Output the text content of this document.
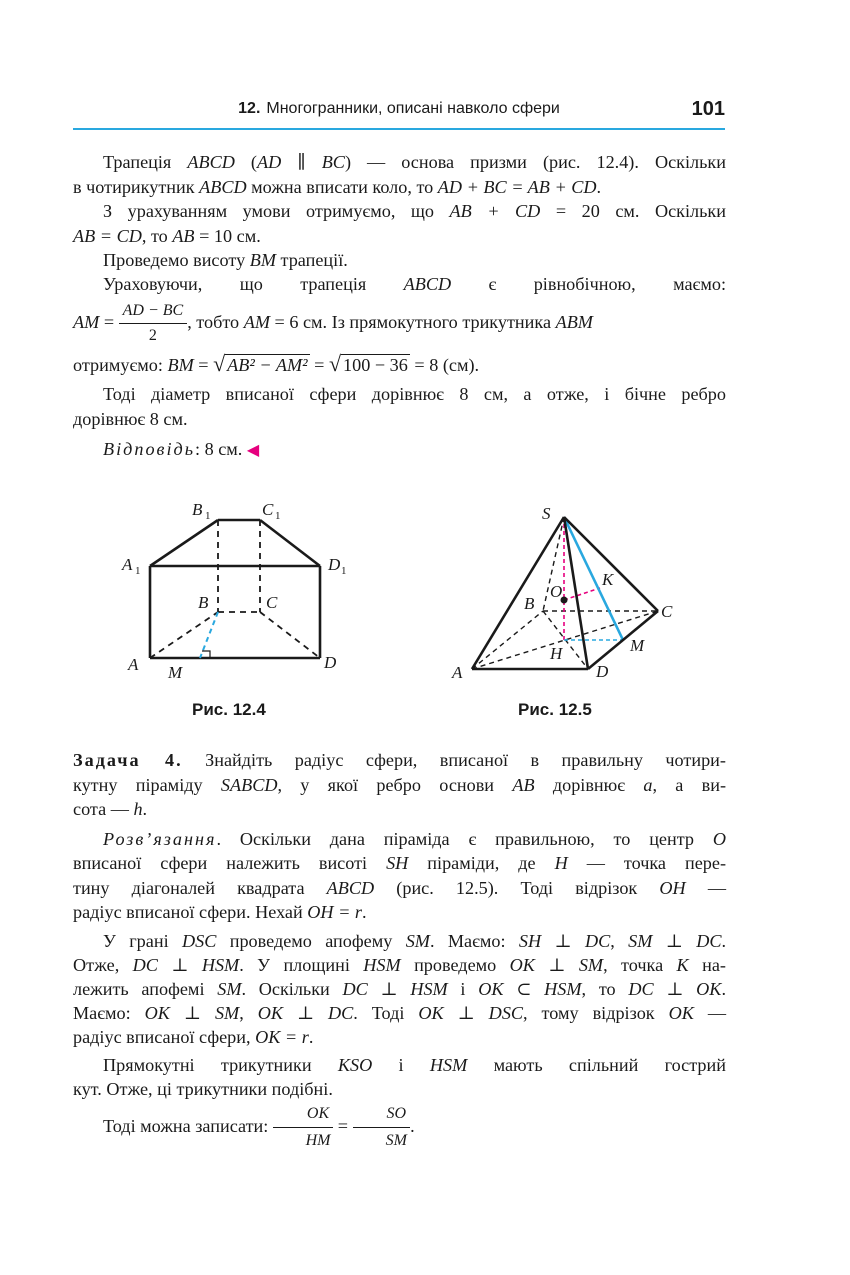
12. Многогранники, описані навколо сфери	101
Трапеція ABCD (AD ∥ BC) — основа призми (рис. 12.4). Оскільки
в чотирикутник ABCD можна вписати коло, то AD + BC = AB + CD.
З урахуванням умови отримуємо, що AB + CD = 20 см. Оскільки
AB = CD, то AB = 10 см.
Проведемо висоту BM трапеції.
Ураховуючи, що трапеція ABCD є рівнобічною, маємо:
AM = $\frac{AD - BC}{2}$ , тобто AM = 6 см. Із прямокутного трикутника ABM
отримуємо: BM = √ AB² − AM² = √ 100 − 36 = 8 (см).
Тоді діаметр вписаної сфери дорівнює 8 см, а отже, і бічне ребро
дорівнює 8 см.
Відповідь: 8 см. ◀
A M
D
B	C
A 1
B 1	C 1
D 1
Рис. 12.4
S
A
B	C
D
H	M
K
O
Рис. 12.5
Задача 4. Знайдіть радіус сфери, вписаної в правильну чотири-
кутну піраміду SABCD, у якої ребро основи AB дорівнює a, а ви-
сота — h.
Розв’язання. Оскільки дана піраміда є правильною, то центр O
вписаної сфери належить висоті SH піраміди, де H — точка пере-
тину діагоналей квадрата ABCD (рис. 12.5). Тоді відрізок OH —
радіус вписаної сфери. Нехай OH = r.
У грані DSC проведемо апофему SM. Маємо: SH ⊥ DC, SM ⊥ DC.
Отже, DC ⊥ HSM. У площині HSM проведемо OK ⊥ SM, точка K на-
лежить апофемі SM. Оскільки DC ⊥ HSM і OK ⊂ HSM, то DC ⊥ OK.
Маємо: OK ⊥ SM, OK ⊥ DC. Тоді OK ⊥ DSC, тому відрізок OK —
радіус вписаної сфери, OK = r.
Прямокутні трикутники KSO і HSM мають спільний гострий
кут. Отже, ці трикутники подібні.
Тоді можна записати: $\frac{OK}{HM} = \frac{SO}{SM}$ .
